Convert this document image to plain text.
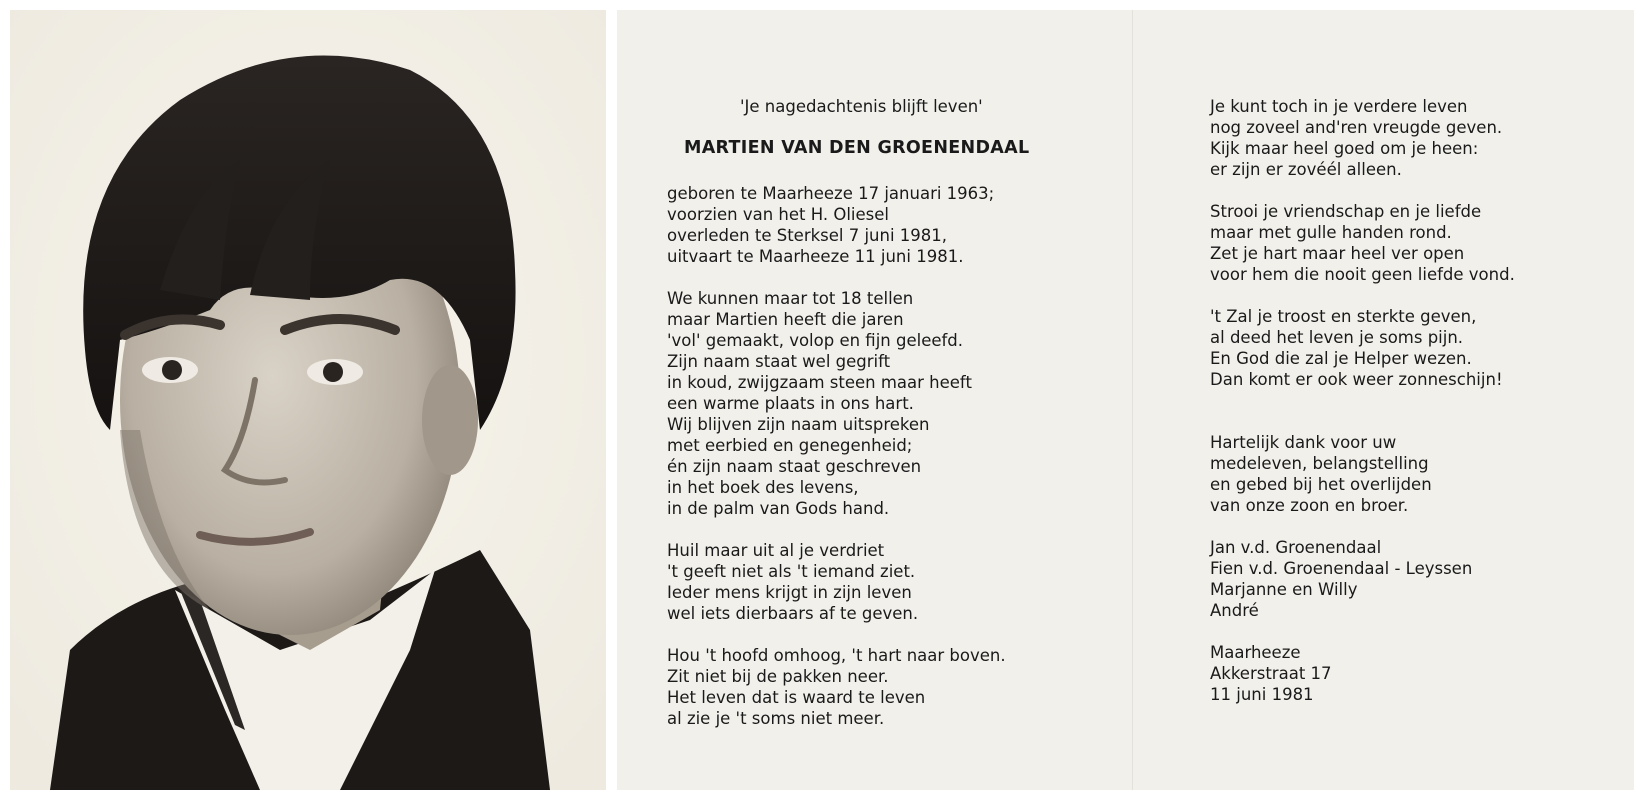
'Je nagedachtenis blijft leven'
MARTIEN VAN DEN GROENENDAAL
geboren te Maarheeze 17 januari 1963;
voorzien van het H. Oliesel
overleden te Sterksel 7 juni 1981,
uitvaart te Maarheeze 11 juni 1981.
We kunnen maar tot 18 tellen
maar Martien heeft die jaren
'vol' gemaakt, volop en fijn geleefd.
Zijn naam staat wel gegrift
in koud, zwijgzaam steen maar heeft
een warme plaats in ons hart.
Wij blijven zijn naam uitspreken
met eerbied en genegenheid;
én zijn naam staat geschreven
in het boek des levens,
in de palm van Gods hand.
Huil maar uit al je verdriet
't geeft niet als 't iemand ziet.
Ieder mens krijgt in zijn leven
wel iets dierbaars af te geven.
Hou 't hoofd omhoog, 't hart naar boven.
Zit niet bij de pakken neer.
Het leven dat is waard te leven
al zie je 't soms niet meer.
Je kunt toch in je verdere leven
nog zoveel and'ren vreugde geven.
Kijk maar heel goed om je heen:
er zijn er zovéél alleen.
Strooi je vriendschap en je liefde
maar met gulle handen rond.
Zet je hart maar heel ver open
voor hem die nooit geen liefde vond.
't Zal je troost en sterkte geven,
al deed het leven je soms pijn.
En God die zal je Helper wezen.
Dan komt er ook weer zonneschijn!
Hartelijk dank voor uw
medeleven, belangstelling
en gebed bij het overlijden
van onze zoon en broer.
Jan v.d. Groenendaal
Fien v.d. Groenendaal - Leyssen
Marjanne en Willy
André
Maarheeze
Akkerstraat 17
11 juni 1981
